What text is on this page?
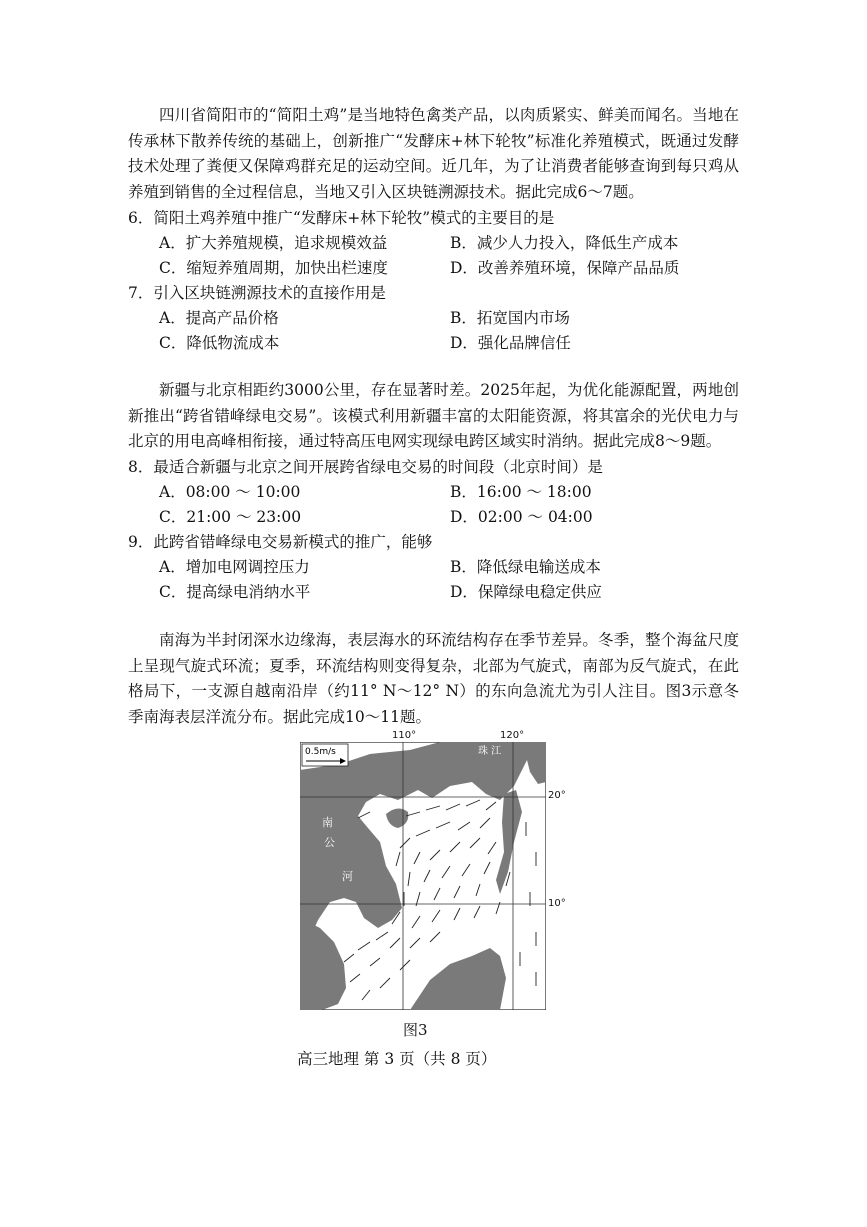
四川省简阳市的“简阳土鸡”是当地特色禽类产品，以肉质紧实、鲜美而闻名。当地在传承林下散养传统的基础上，创新推广“发酵床+林下轮牧”标准化养殖模式，既通过发酵技术处理了粪便又保障鸡群充足的运动空间。近几年，为了让消费者能够查询到每只鸡从养殖到销售的全过程信息，当地又引入区块链溯源技术。据此完成6～7题。

6．简阳土鸡养殖中推广“发酵床+林下轮牧”模式的主要目的是

A．扩大养殖规模，追求规模效益	B．减少人力投入，降低生产成本

C．缩短养殖周期，加快出栏速度	D．改善养殖环境，保障产品品质

7．引入区块链溯源技术的直接作用是

A．提高产品价格	B．拓宽国内市场

C．降低物流成本	D．强化品牌信任

新疆与北京相距约3000公里，存在显著时差。2025年起，为优化能源配置，两地创新推出“跨省错峰绿电交易”。该模式利用新疆丰富的太阳能资源，将其富余的光伏电力与北京的用电高峰相衔接，通过特高压电网实现绿电跨区域实时消纳。据此完成8～9题。

8．最适合新疆与北京之间开展跨省绿电交易的时间段（北京时间）是

A．08:00 ～ 10:00	B．16:00 ～ 18:00

C．21:00 ～ 23:00	D．02:00 ～ 04:00

9．此跨省错峰绿电交易新模式的推广，能够

A．增加电网调控压力	B．降低绿电输送成本

C．提高绿电消纳水平	D．保障绿电稳定供应

南海为半封闭深水边缘海，表层海水的环流结构存在季节差异。冬季，整个海盆尺度上呈现气旋式环流；夏季，环流结构则变得复杂，北部为气旋式，南部为反气旋式，在此格局下，一支源自越南沿岸（约11° N～12° N）的东向急流尤为引人注目。图3示意冬季南海表层洋流分布。据此完成10～11题。

0.5m/s	珠 江
南
公
河
110°	120°
20°
10°
图3
高三地理 第 3 页（共 8 页）
